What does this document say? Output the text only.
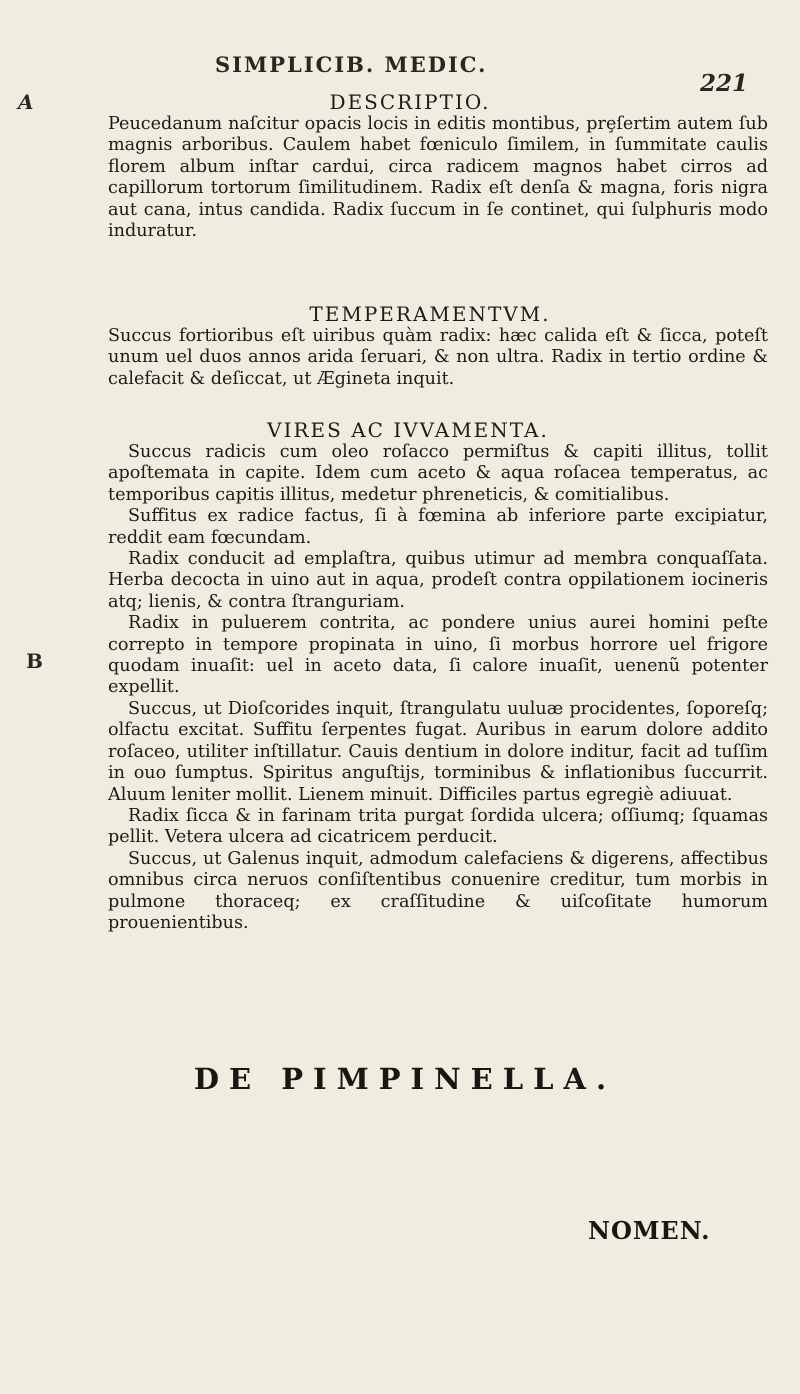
SIMPLICIB. MEDIC.
221
A
B
DESCRIPTIO.

Peucedanum naſcitur opacis locis in editis montibus, prȩſertim autem ſub magnis arboribus. Caulem habet fœniculo ſimilem, in ſummitate caulis florem album inſtar cardui, circa radicem magnos habet cirros ad capillorum tortorum ſimilitudinem. Radix eſt denſa & magna, foris nigra aut cana, intus candida. Radix ſuccum in ſe continet, qui ſulphuris modo induratur.

TEMPERAMENTVM.

Succus fortioribus eſt uiribus quàm radix: hæc calida eſt & ſicca, poteſt unum uel duos annos arida ſeruari, & non ultra. Radix in tertio ordine & calefacit & deſiccat, ut Ægineta inquit.

VIRES AC IVVAMENTA.

Succus radicis cum oleo roſacco permiſtus & capiti illitus, tollit apoſtemata in capite. Idem cum aceto & aqua roſacea temperatus, ac temporibus capitis illitus, medetur phreneticis, & comitialibus.

Suffitus ex radice factus, ſi à fœmina ab inferiore parte excipiatur, reddit eam fœcundam.

Radix conducit ad emplaſtra, quibus utimur ad membra conquaſſata. Herba decocta in uino aut in aqua, prodeſt contra oppilationem iocineris atq; lienis, & contra ſtranguriam.

Radix in puluerem contrita, ac pondere unius aurei homini peſte correpto in tempore propinata in uino, ſi morbus horrore uel frigore quodam inuaſit: uel in aceto data, ſi calore inuaſit, uenenũ potenter expellit.

Succus, ut Dioſcorides inquit, ſtrangulatu uuluæ procidentes, ſoporeſq; olfactu excitat. Suffitu ſerpentes fugat. Auribus in earum dolore addito roſaceo, utiliter inſtillatur. Cauis dentium in dolore inditur, facit ad tuſſim in ouo ſumptus. Spiritus anguſtijs, torminibus & inflationibus ſuccurrit. Aluum leniter mollit. Lienem minuit. Difficiles partus egregiè adiuuat.

Radix ſicca & in farinam trita purgat ſordida ulcera; oſſiumq; ſquamas pellit. Vetera ulcera ad cicatricem perducit.

Succus, ut Galenus inquit, admodum calefaciens & digerens, affectibus omnibus circa neruos conſiſtentibus conuenire creditur, tum morbis in pulmone thoraceq; ex craſſitudine & uiſcoſitate humorum prouenientibus.

DE PIMPINELLA.
NOMEN.
